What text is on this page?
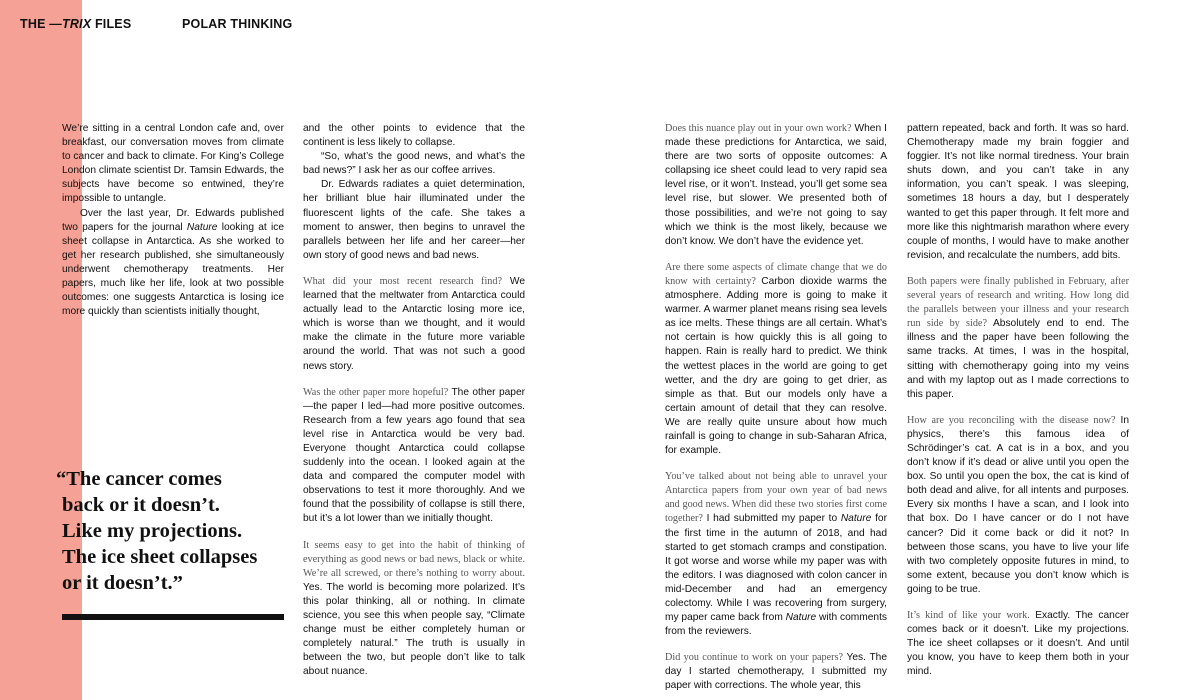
THE —TRIX FILES	POLAR THINKING

We’re sitting in a central London cafe and, over breakfast, our conversation moves from climate to cancer and back to climate. For King’s College London climate scientist Dr. Tamsin Edwards, the subjects have become so entwined, they’re impossible to untangle.

Over the last year, Dr. Edwards published two papers for the journal Nature looking at ice sheet collapse in Antarctica. As she worked to get her research published, she simultaneously underwent chemotherapy treatments. Her papers, much like her life, look at two possible outcomes: one suggests Antarctica is losing ice more quickly than scientists initially thought,

“The cancer comes
back or it doesn’t.
Like my projections.
The ice sheet collapses
or it doesn’t.”

and the other points to evidence that the continent is less likely to collapse.

“So, what’s the good news, and what’s the bad news?” I ask her as our coffee arrives.

Dr. Edwards radiates a quiet determination, her brilliant blue hair illuminated under the fluorescent lights of the cafe. She takes a moment to answer, then begins to unravel the parallels between her life and her career—her own story of good news and bad news.

What did your most recent research find? We learned that the meltwater from Antarctica could actually lead to the Antarctic losing more ice, which is worse than we thought, and it would make the climate in the future more variable around the world. That was not such a good news story.

Was the other paper more hopeful? The other paper—the paper I led—had more positive outcomes. Research from a few years ago found that sea level rise in Antarctica would be very bad. Everyone thought Antarctica could collapse suddenly into the ocean. I looked again at the data and compared the computer model with observations to test it more thoroughly. And we found that the possibility of collapse is still there, but it’s a lot lower than we initially thought.

It seems easy to get into the habit of thinking of everything as good news or bad news, black or white. We’re all screwed, or there’s nothing to worry about. Yes. The world is becoming more polarized. It’s this polar thinking, all or nothing. In climate science, you see this when people say, “Climate change must be either completely human or completely natural.” The truth is usually in between the two, but people don’t like to talk about nuance.

Does this nuance play out in your own work? When I made these predictions for Antarctica, we said, there are two sorts of opposite outcomes: A collapsing ice sheet could lead to very rapid sea level rise, or it won’t. Instead, you’ll get some sea level rise, but slower. We presented both of those possibilities, and we’re not going to say which we think is the most likely, because we don’t know. We don’t have the evidence yet.

Are there some aspects of climate change that we do know with certainty? Carbon dioxide warms the atmosphere. Adding more is going to make it warmer. A warmer planet means rising sea levels as ice melts. These things are all certain. What’s not certain is how quickly this is all going to happen. Rain is really hard to predict. We think the wettest places in the world are going to get wetter, and the dry are going to get drier, as simple as that. But our models only have a certain amount of detail that they can resolve. We are really quite unsure about how much rainfall is going to change in sub-Saharan Africa, for example.

You’ve talked about not being able to unravel your Antarctica papers from your own year of bad news and good news. When did these two stories first come together? I had submitted my paper to Nature for the first time in the autumn of 2018, and had started to get stomach cramps and constipation. It got worse and worse while my paper was with the editors. I was diagnosed with colon cancer in mid-December and had an emergency colectomy. While I was recovering from surgery, my paper came back from Nature with comments from the reviewers.

Did you continue to work on your papers? Yes. The day I started chemotherapy, I submitted my paper with corrections. The whole year, this

pattern repeated, back and forth. It was so hard. Chemotherapy made my brain foggier and foggier. It’s not like normal tiredness. Your brain shuts down, and you can’t take in any information, you can’t speak. I was sleeping, sometimes 18 hours a day, but I desperately wanted to get this paper through. It felt more and more like this nightmarish marathon where every couple of months, I would have to make another revision, and recalculate the numbers, add bits.

Both papers were finally published in February, after several years of research and writing. How long did the parallels between your illness and your research run side by side? Absolutely end to end. The illness and the paper have been following the same tracks. At times, I was in the hospital, sitting with chemotherapy going into my veins and with my laptop out as I made corrections to this paper.

How are you reconciling with the disease now? In physics, there’s this famous idea of Schrödinger’s cat. A cat is in a box, and you don’t know if it’s dead or alive until you open the box. So until you open the box, the cat is kind of both dead and alive, for all intents and purposes. Every six months I have a scan, and I look into that box. Do I have cancer or do I not have cancer? Did it come back or did it not? In between those scans, you have to live your life with two completely opposite futures in mind, to some extent, because you don’t know which is going to be true.

It’s kind of like your work. Exactly. The cancer comes back or it doesn’t. Like my projections. The ice sheet collapses or it doesn’t. And until you know, you have to keep them both in your mind.
